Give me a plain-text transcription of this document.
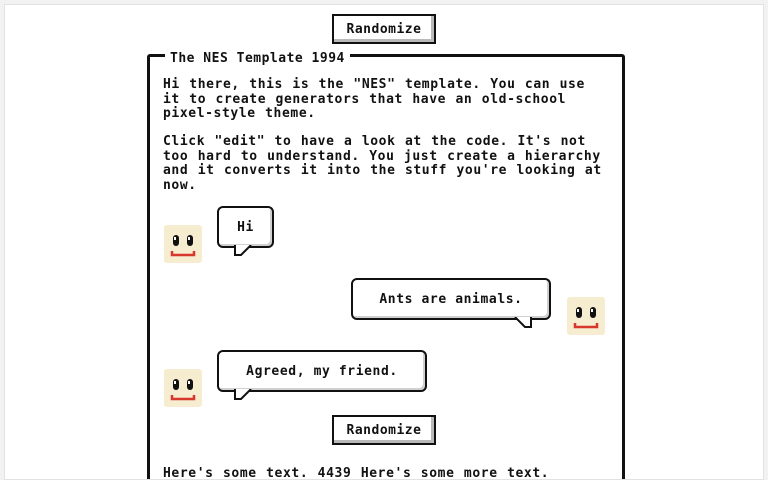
Randomize
The NES Template 1994

Hi there, this is the "NES" template. You can use it to create generators that have an old-school pixel-style theme.

Click "edit" to have a look at the code. It's not too hard to understand. You just create a hierarchy and it converts it into the stuff you're looking at now.

Hi
Ants are animals.
Agreed, my friend.
Randomize

Here's some text. 4439 Here's some more text.
